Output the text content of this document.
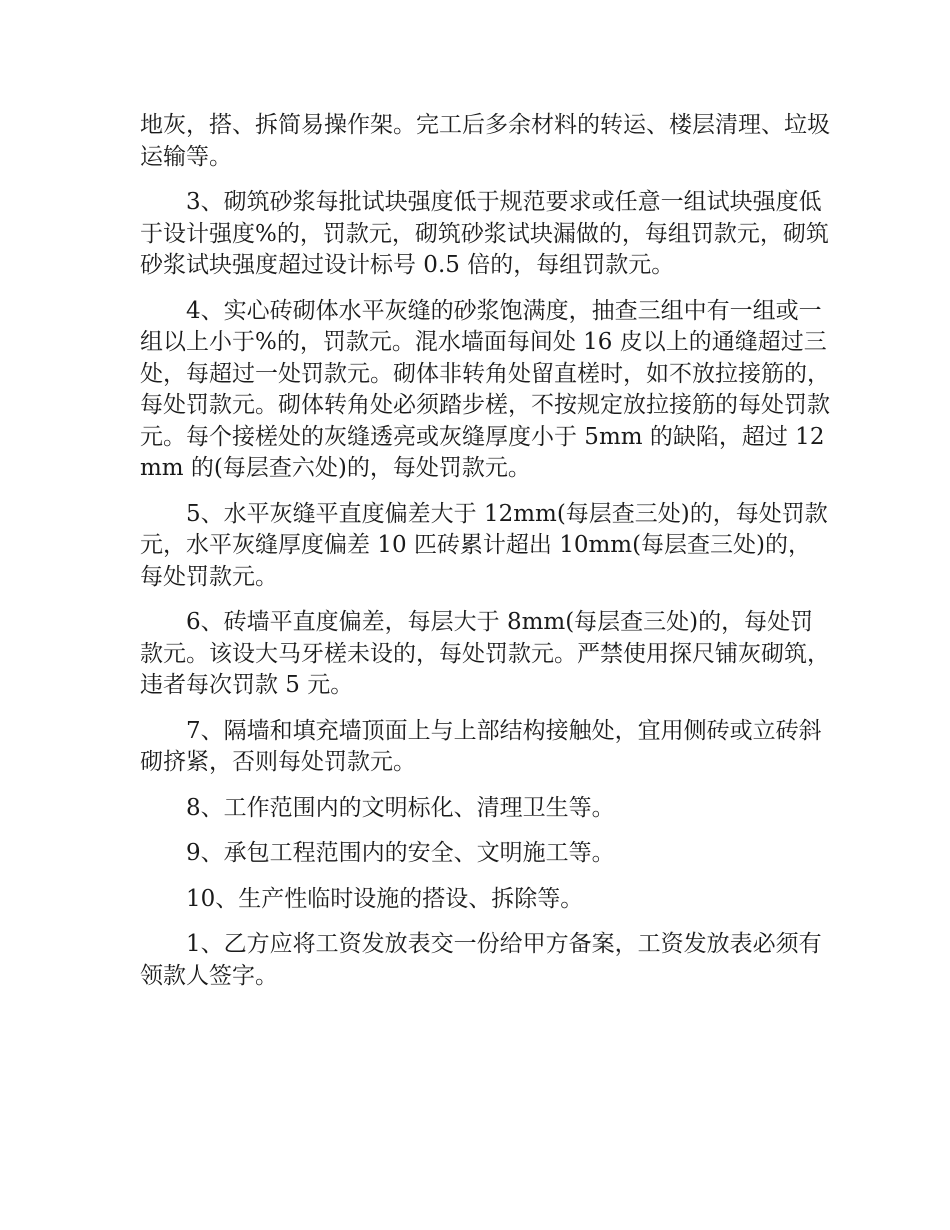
地灰，搭、拆简易操作架。完工后多余材料的转运、楼层清理、垃圾运输等。

3、砌筑砂浆每批试块强度低于规范要求或任意一组试块强度低于设计强度%的，罚款元，砌筑砂浆试块漏做的，每组罚款元，砌筑砂浆试块强度超过设计标号 0.5 倍的，每组罚款元。

4、实心砖砌体水平灰缝的砂浆饱满度，抽查三组中有一组或一组以上小于%的，罚款元。混水墙面每间处 16 皮以上的通缝超过三处，每超过一处罚款元。砌体非转角处留直槎时，如不放拉接筋的，每处罚款元。砌体转角处必须踏步槎，不按规定放拉接筋的每处罚款元。每个接槎处的灰缝透亮或灰缝厚度小于 5mm 的缺陷，超过 12mm 的(每层查六处)的，每处罚款元。

5、水平灰缝平直度偏差大于 12mm(每层查三处)的，每处罚款元，水平灰缝厚度偏差 10 匹砖累计超出 10mm(每层查三处)的，每处罚款元。

6、砖墙平直度偏差，每层大于 8mm(每层查三处)的，每处罚款元。该设大马牙槎未设的，每处罚款元。严禁使用探尺铺灰砌筑，违者每次罚款 5 元。

7、隔墙和填充墙顶面上与上部结构接触处，宜用侧砖或立砖斜砌挤紧，否则每处罚款元。

8、工作范围内的文明标化、清理卫生等。

9、承包工程范围内的安全、文明施工等。

10、生产性临时设施的搭设、拆除等。

1、乙方应将工资发放表交一份给甲方备案，工资发放表必须有领款人签字。
